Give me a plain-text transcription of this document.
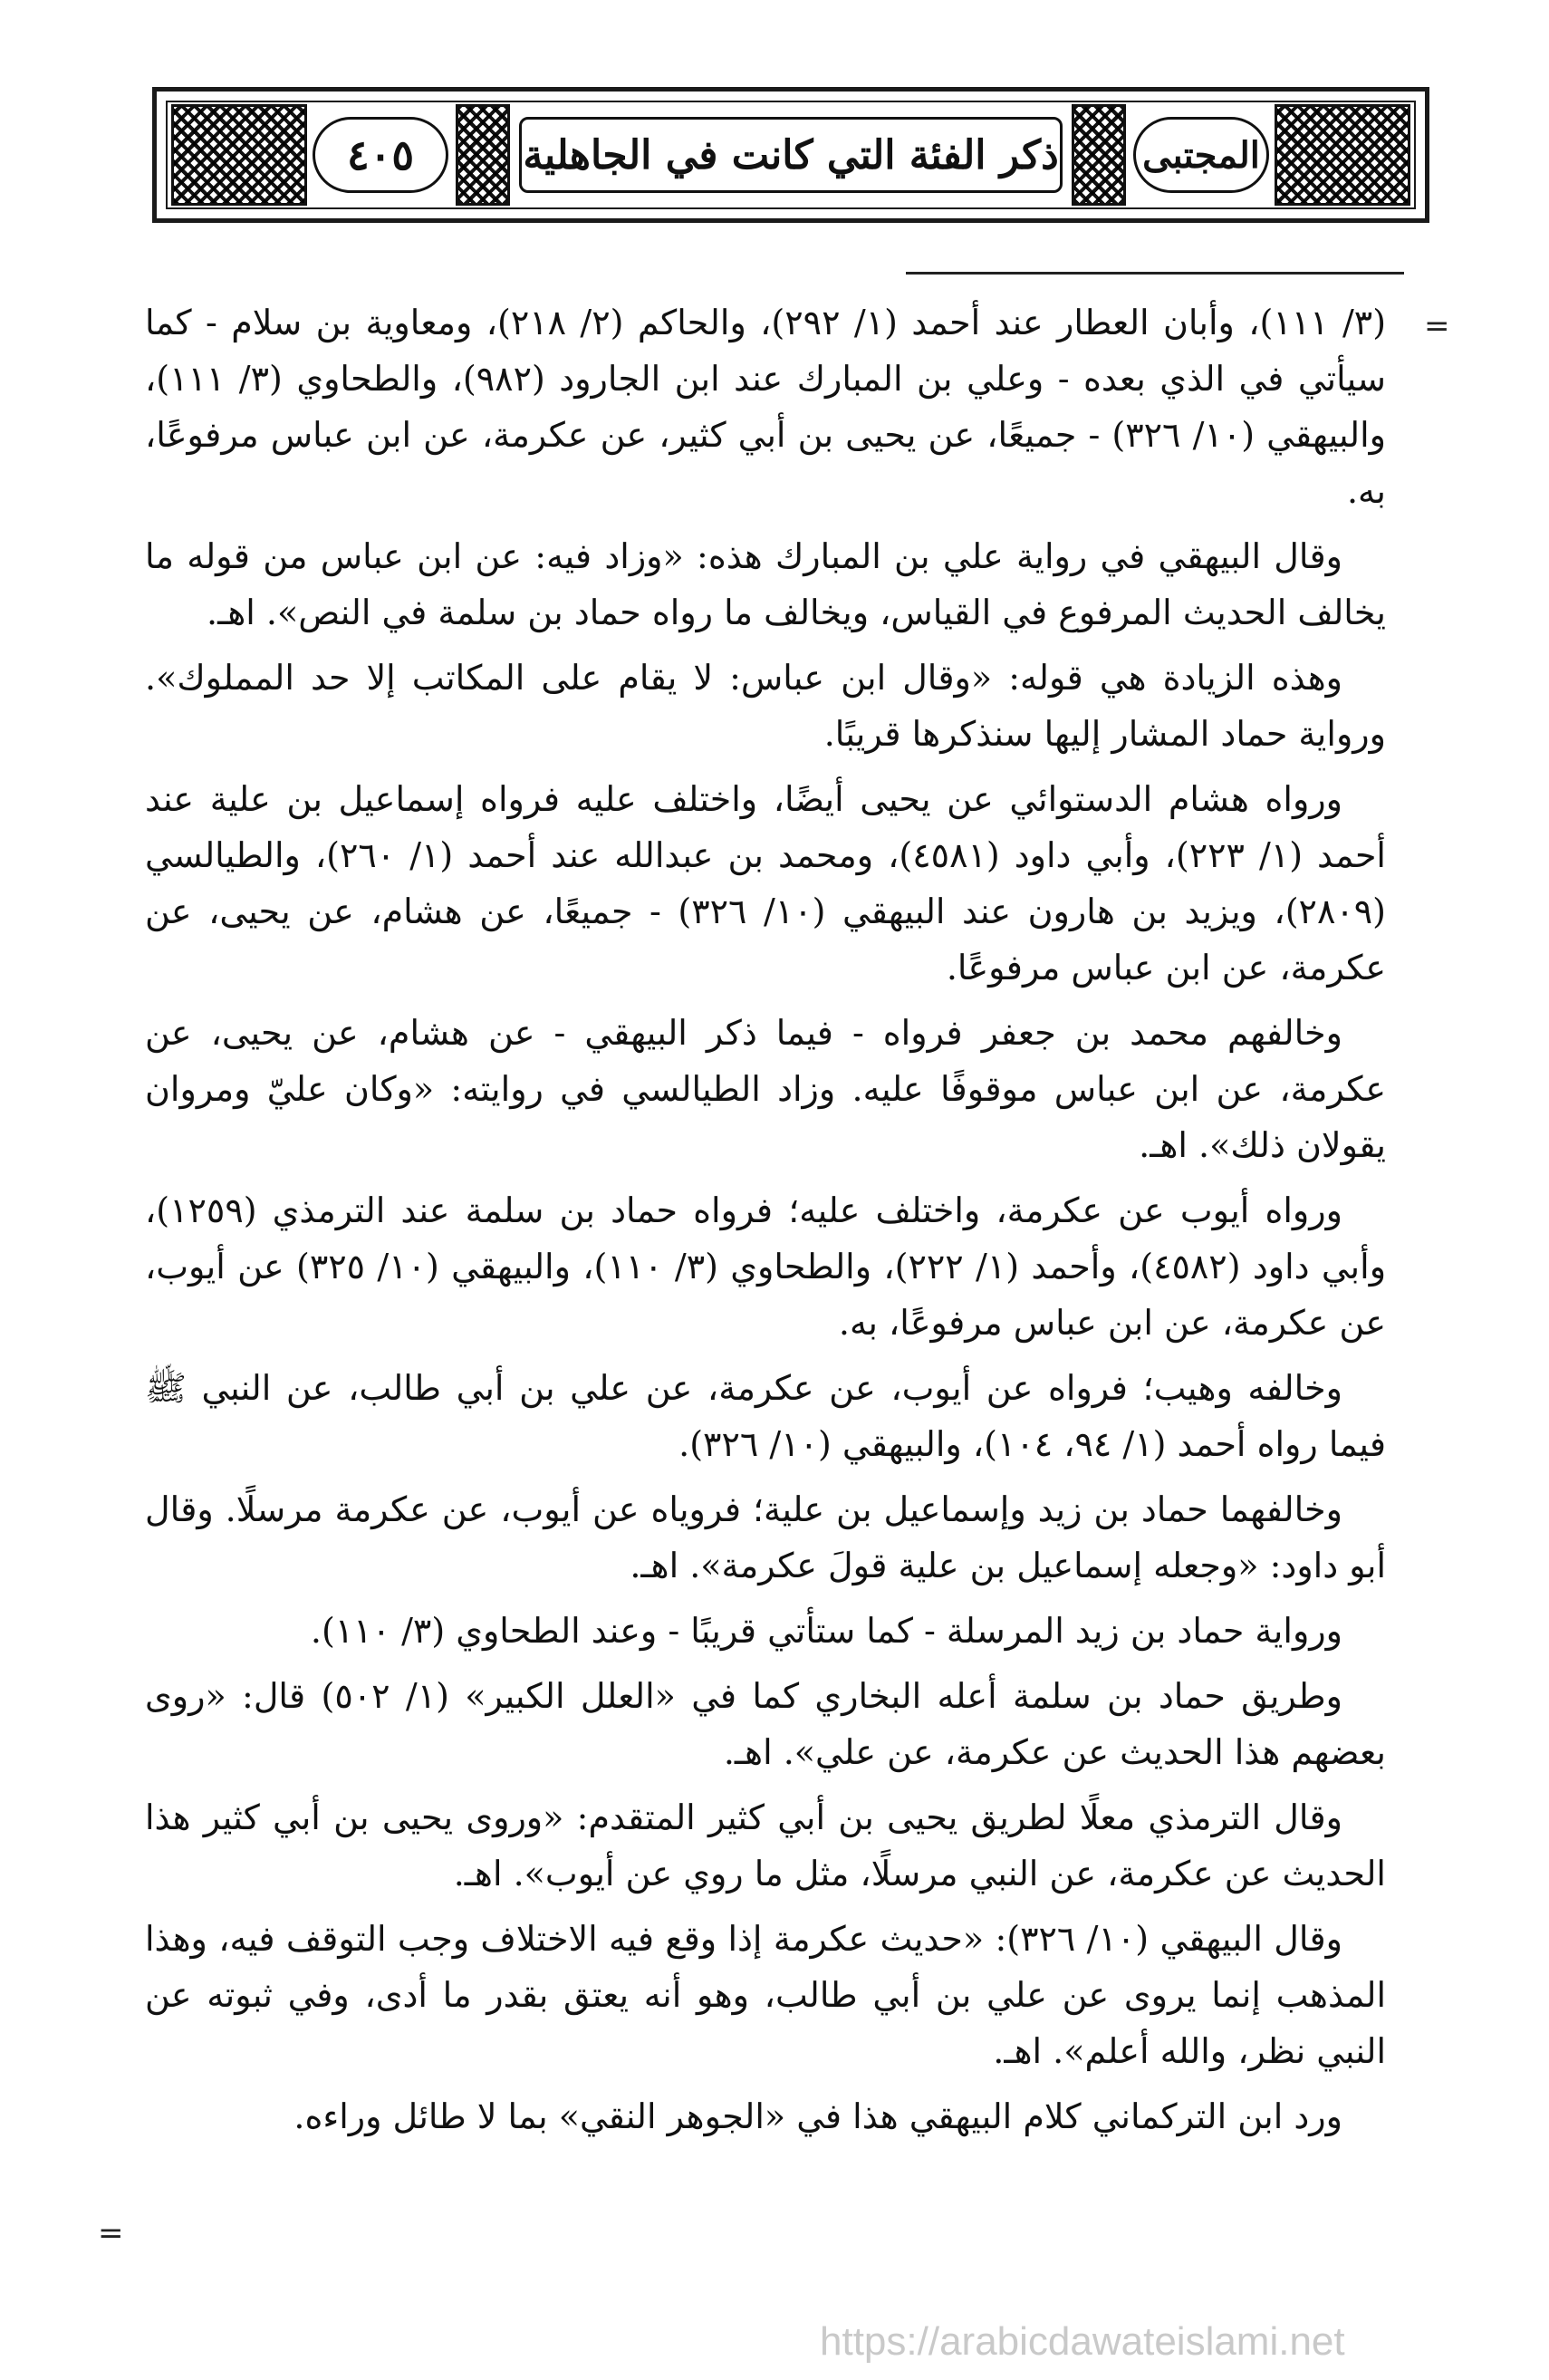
٤٠٥	ذكر الفئة التي كانت في الجاهلية المجتبى
=

(٣/ ١١١)، وأبان العطار عند أحمد (١/ ٢٩٢)، والحاكم (٢/ ٢١٨)، ومعاوية بن سلام - كما سيأتي في الذي بعده - وعلي بن المبارك عند ابن الجارود (٩٨٢)، والطحاوي (٣/ ١١١)، والبيهقي (١٠/ ٣٢٦) - جميعًا، عن يحيى بن أبي كثير، عن عكرمة، عن ابن عباس مرفوعًا، به.

وقال البيهقي في رواية علي بن المبارك هذه: «وزاد فيه: عن ابن عباس من قوله ما يخالف الحديث المرفوع في القياس، ويخالف ما رواه حماد بن سلمة في النص». اهـ.

وهذه الزيادة هي قوله: «وقال ابن عباس: لا يقام على المكاتب إلا حد المملوك». ورواية حماد المشار إليها سنذكرها قريبًا.

ورواه هشام الدستوائي عن يحيى أيضًا، واختلف عليه فرواه إسماعيل بن علية عند أحمد (١/ ٢٢٣)، وأبي داود (٤٥٨١)، ومحمد بن عبدالله عند أحمد (١/ ٢٦٠)، والطيالسي (٢٨٠٩)، ويزيد بن هارون عند البيهقي (١٠/ ٣٢٦) - جميعًا، عن هشام، عن يحيى، عن عكرمة، عن ابن عباس مرفوعًا.

وخالفهم محمد بن جعفر فرواه - فيما ذكر البيهقي - عن هشام، عن يحيى، عن عكرمة، عن ابن عباس موقوفًا عليه. وزاد الطيالسي في روايته: «وكان عليّ ومروان يقولان ذلك». اهـ.

ورواه أيوب عن عكرمة، واختلف عليه؛ فرواه حماد بن سلمة عند الترمذي (١٢٥٩)، وأبي داود (٤٥٨٢)، وأحمد (١/ ٢٢٢)، والطحاوي (٣/ ١١٠)، والبيهقي (١٠/ ٣٢٥) عن أيوب، عن عكرمة، عن ابن عباس مرفوعًا، به.

وخالفه وهيب؛ فرواه عن أيوب، عن عكرمة، عن علي بن أبي طالب، عن النبي ﷺ فيما رواه أحمد (١/ ٩٤، ١٠٤)، والبيهقي (١٠/ ٣٢٦).

وخالفهما حماد بن زيد وإسماعيل بن علية؛ فروياه عن أيوب، عن عكرمة مرسلًا. وقال أبو داود: «وجعله إسماعيل بن علية قولَ عكرمة». اهـ.

ورواية حماد بن زيد المرسلة - كما ستأتي قريبًا - وعند الطحاوي (٣/ ١١٠).

وطريق حماد بن سلمة أعله البخاري كما في «العلل الكبير» (١/ ٥٠٢) قال: «روى بعضهم هذا الحديث عن عكرمة، عن علي». اهـ.

وقال الترمذي معلًا لطريق يحيى بن أبي كثير المتقدم: «وروى يحيى بن أبي كثير هذا الحديث عن عكرمة، عن النبي مرسلًا، مثل ما روي عن أيوب». اهـ.

وقال البيهقي (١٠/ ٣٢٦): «حديث عكرمة إذا وقع فيه الاختلاف وجب التوقف فيه، وهذا المذهب إنما يروى عن علي بن أبي طالب، وهو أنه يعتق بقدر ما أدى، وفي ثبوته عن النبي نظر، والله أعلم». اهـ.

ورد ابن التركماني كلام البيهقي هذا في «الجوهر النقي» بما لا طائل وراءه.

=
https://arabicdawateislami.net
